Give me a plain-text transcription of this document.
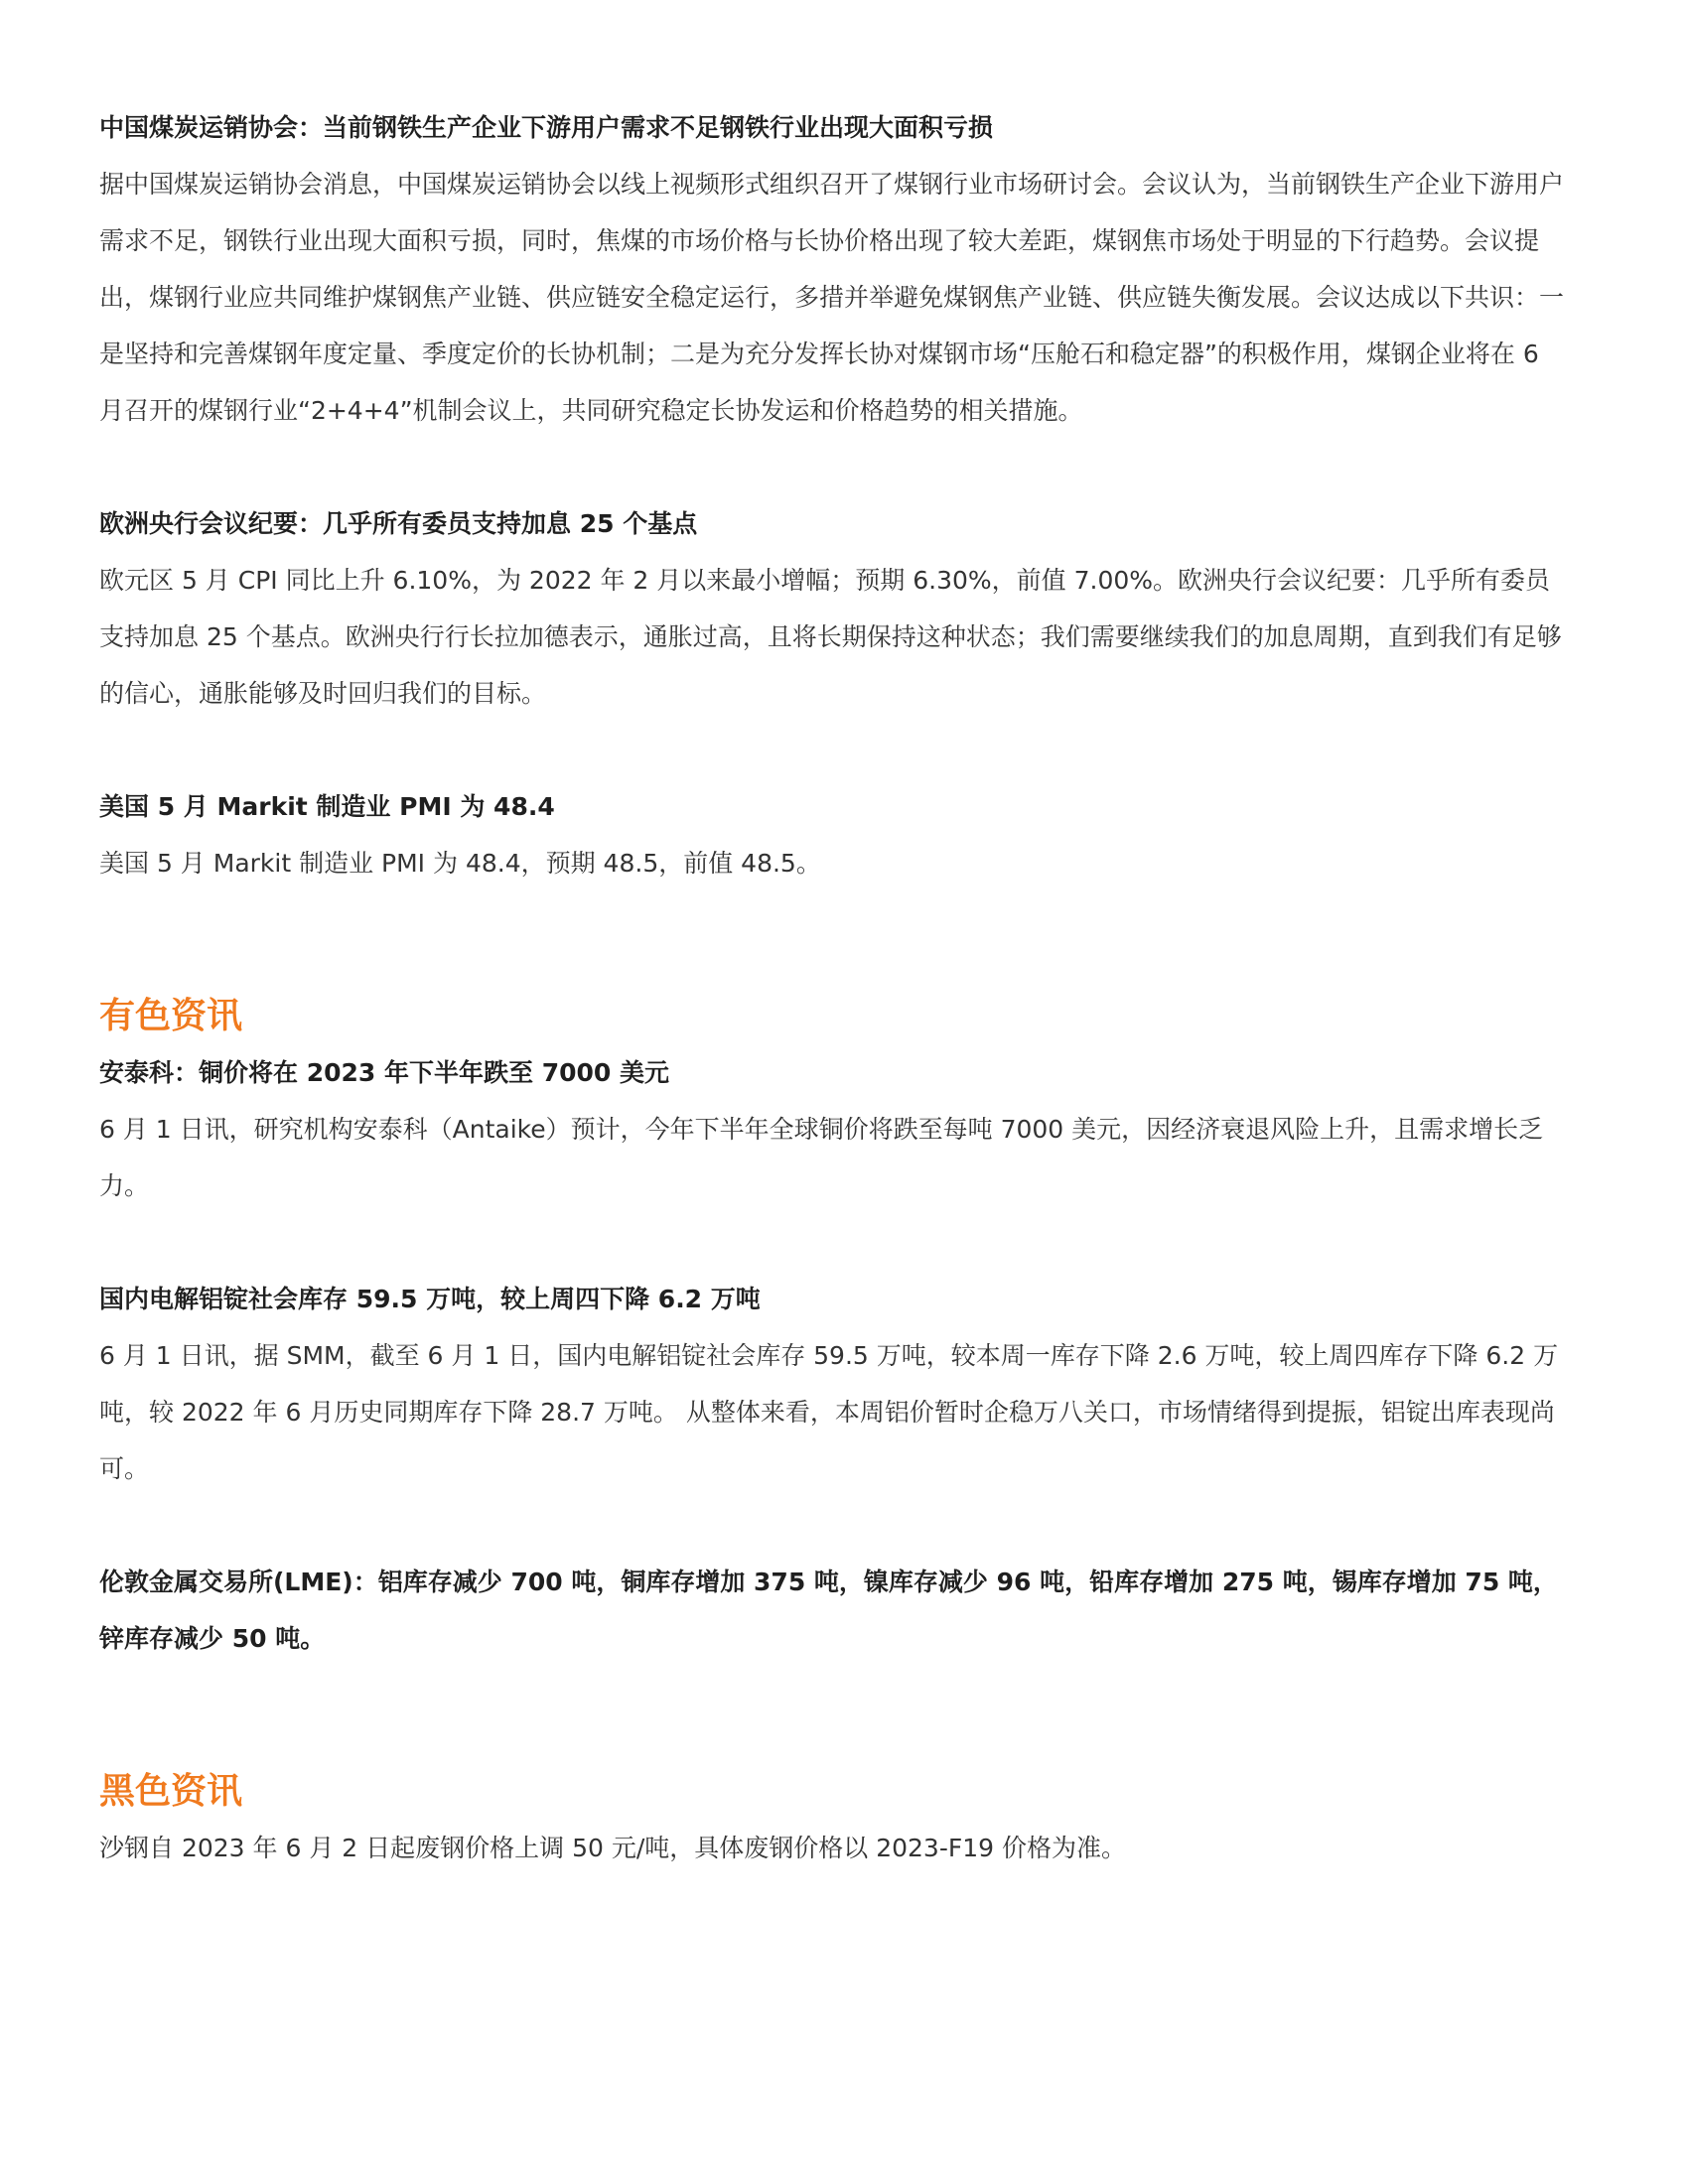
中国煤炭运销协会：当前钢铁生产企业下游用户需求不足钢铁行业出现大面积亏损

据中国煤炭运销协会消息，中国煤炭运销协会以线上视频形式组织召开了煤钢行业市场研讨会。会议认为，当前钢铁生产企业下游用户需求不足，钢铁行业出现大面积亏损，同时，焦煤的市场价格与长协价格出现了较大差距，煤钢焦市场处于明显的下行趋势。会议提出，煤钢行业应共同维护煤钢焦产业链、供应链安全稳定运行，多措并举避免煤钢焦产业链、供应链失衡发展。会议达成以下共识：一是坚持和完善煤钢年度定量、季度定价的长协机制；二是为充分发挥长协对煤钢市场“压舱石和稳定器”的积极作用，煤钢企业将在 6 月召开的煤钢行业“2+4+4”机制会议上，共同研究稳定长协发运和价格趋势的相关措施。

欧洲央行会议纪要：几乎所有委员支持加息 25 个基点

欧元区 5 月 CPI 同比上升 6.10%，为 2022 年 2 月以来最小增幅；预期 6.30%，前值 7.00%。欧洲央行会议纪要：几乎所有委员支持加息 25 个基点。欧洲央行行长拉加德表示，通胀过高，且将长期保持这种状态；我们需要继续我们的加息周期，直到我们有足够的信心，通胀能够及时回归我们的目标。

美国 5 月 Markit 制造业 PMI 为 48.4

美国 5 月 Markit 制造业 PMI 为 48.4，预期 48.5，前值 48.5。

有色资讯

安泰科：铜价将在 2023 年下半年跌至 7000 美元

6 月 1 日讯，研究机构安泰科（Antaike）预计，今年下半年全球铜价将跌至每吨 7000 美元，因经济衰退风险上升，且需求增长乏力。

国内电解铝锭社会库存 59.5 万吨，较上周四下降 6.2 万吨

6 月 1 日讯，据 SMM，截至 6 月 1 日，国内电解铝锭社会库存 59.5 万吨，较本周一库存下降 2.6 万吨，较上周四库存下降 6.2 万吨，较 2022 年 6 月历史同期库存下降 28.7 万吨。 从整体来看，本周铝价暂时企稳万八关口，市场情绪得到提振，铝锭出库表现尚可。

伦敦金属交易所(LME)：铝库存减少 700 吨，铜库存增加 375 吨，镍库存减少 96 吨，铅库存增加 275 吨，锡库存增加 75 吨，锌库存减少 50 吨。

黑色资讯

沙钢自 2023 年 6 月 2 日起废钢价格上调 50 元/吨，具体废钢价格以 2023-F19 价格为准。
